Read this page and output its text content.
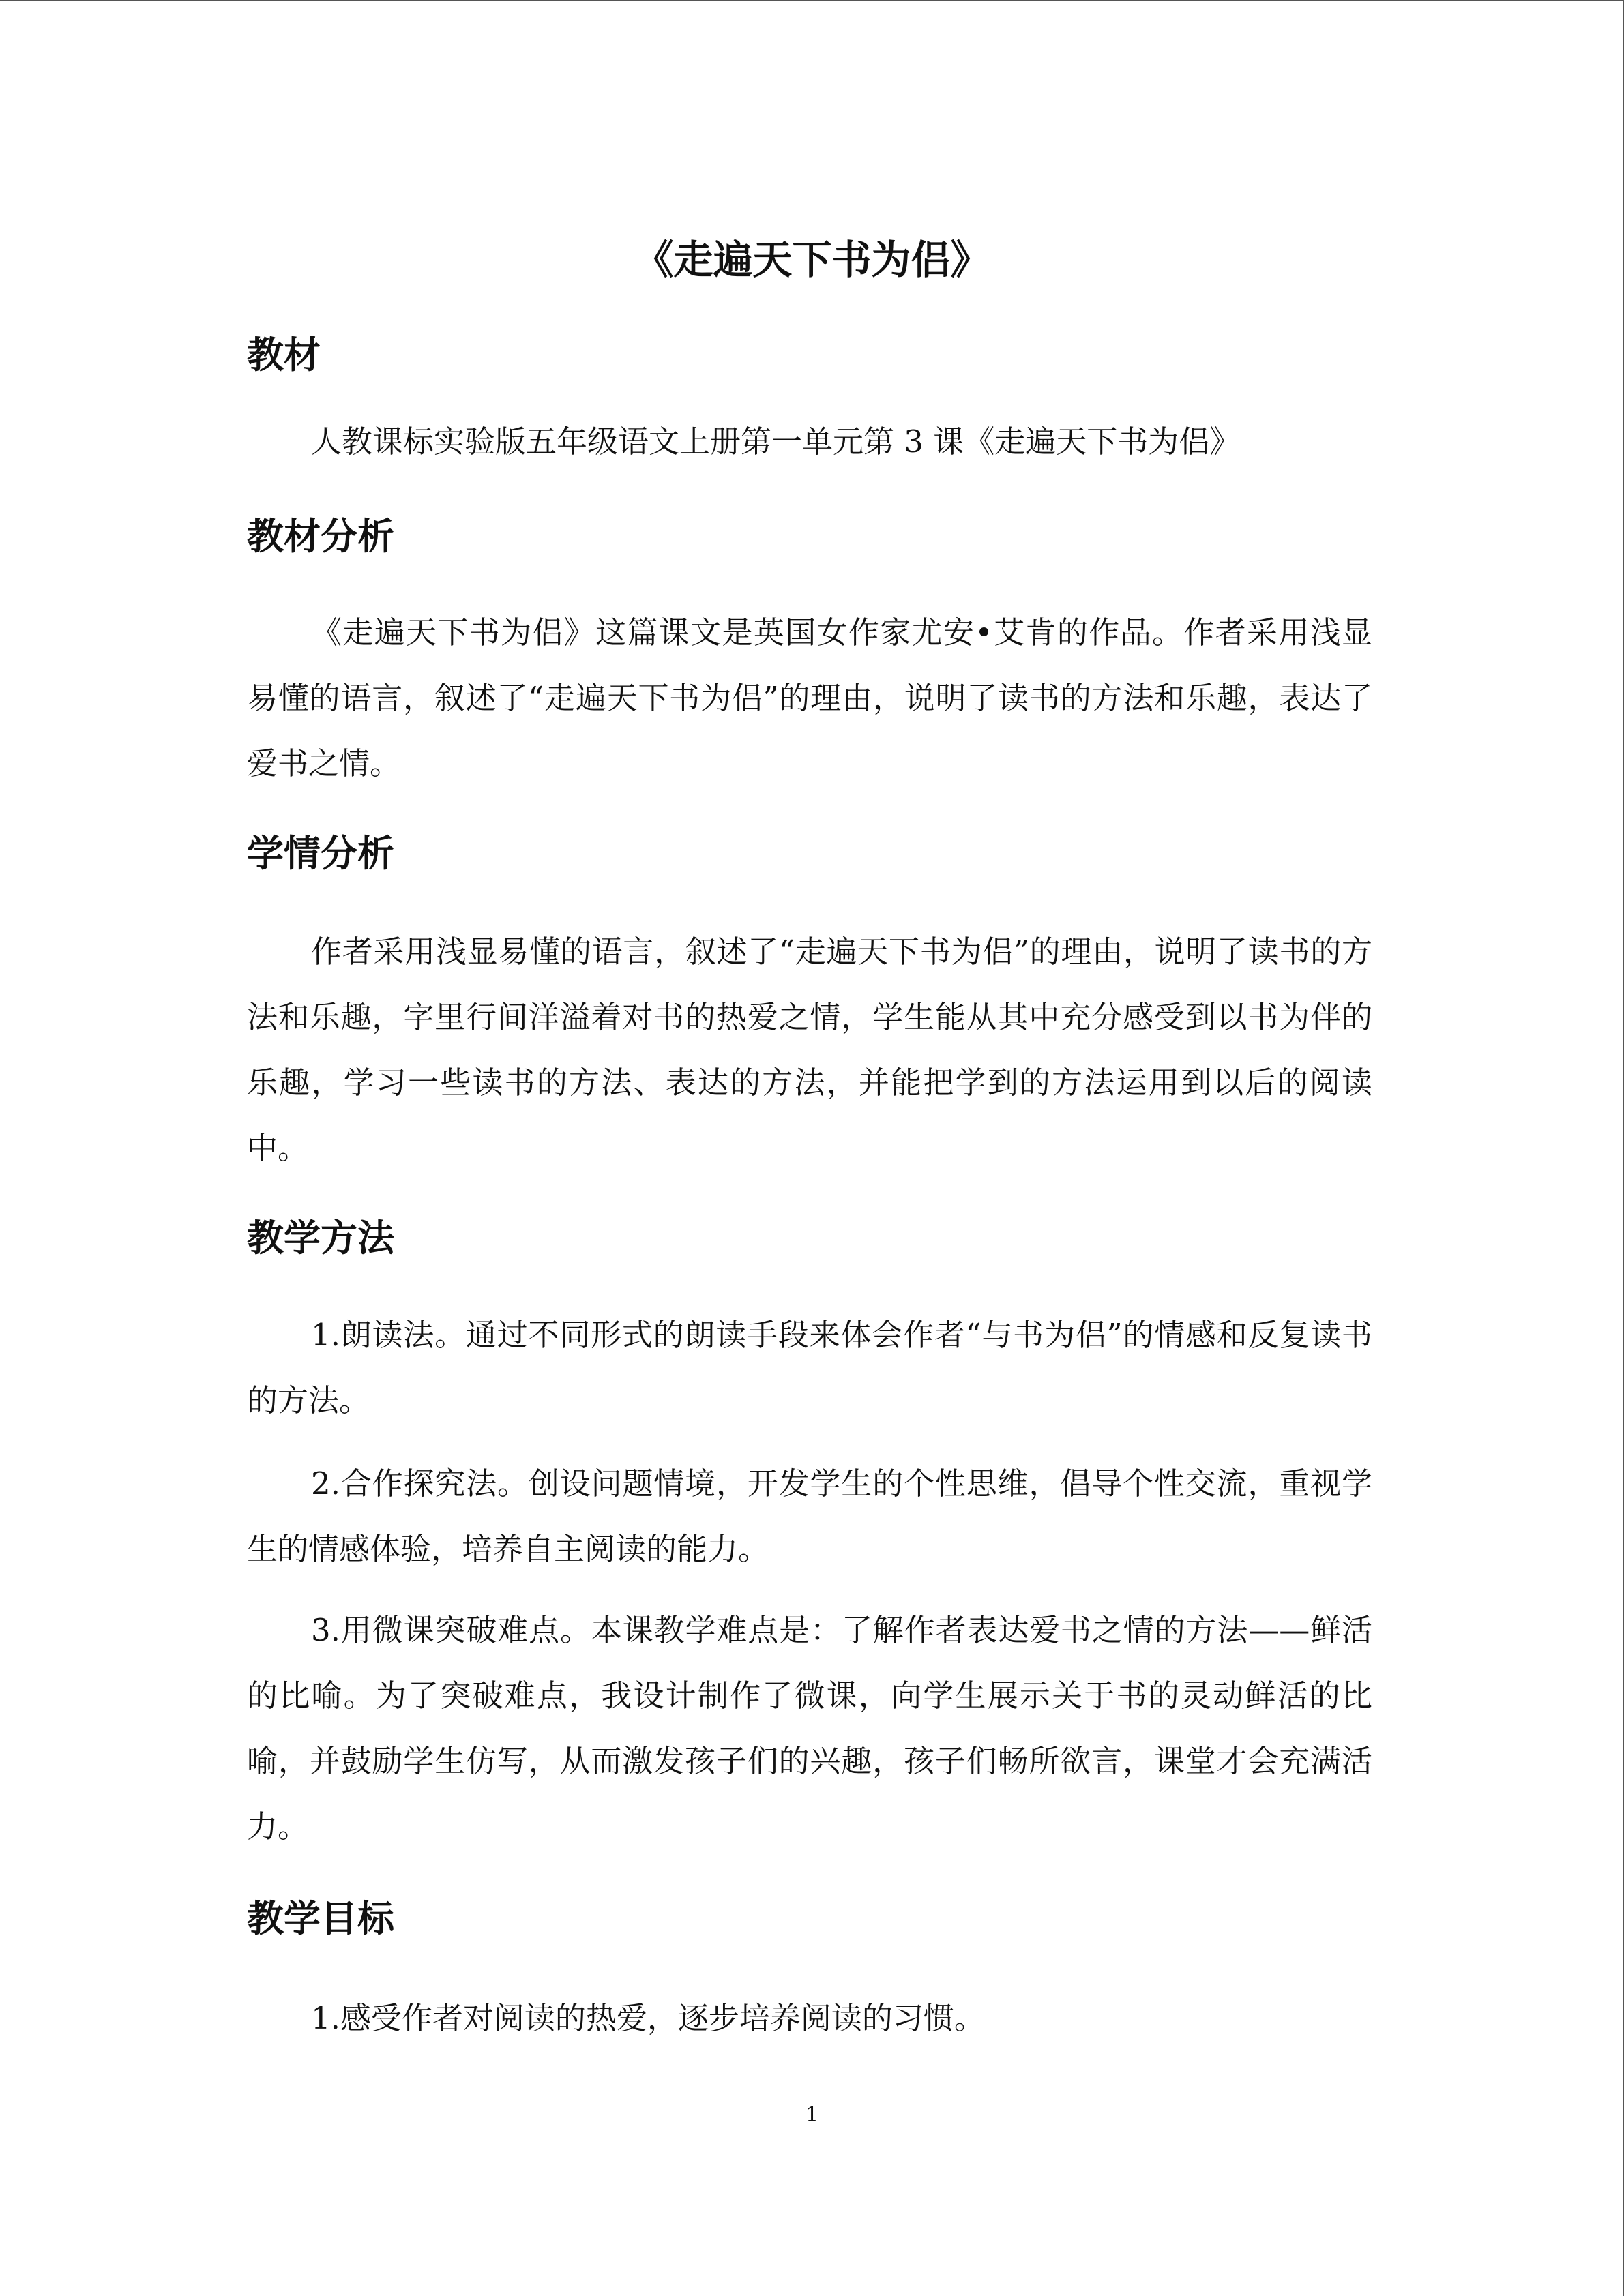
《走遍天下书为侣》
教材

人教课标实验版五年级语文上册第一单元第 3 课《走遍天下书为侣》

教材分析

《走遍天下书为侣》这篇课文是英国女作家尤安•艾肯的作品。作者采用浅显易懂的语言，叙述了“走遍天下书为侣”的理由，说明了读书的方法和乐趣，表达了爱书之情。

学情分析

作者采用浅显易懂的语言，叙述了“走遍天下书为侣”的理由，说明了读书的方法和乐趣，字里行间洋溢着对书的热爱之情，学生能从其中充分感受到以书为伴的乐趣，学习一些读书的方法、表达的方法，并能把学到的方法运用到以后的阅读中。

教学方法

1.朗读法。通过不同形式的朗读手段来体会作者“与书为侣”的情感和反复读书的方法。

2.合作探究法。创设问题情境，开发学生的个性思维，倡导个性交流，重视学生的情感体验，培养自主阅读的能力。

3.用微课突破难点。本课教学难点是：了解作者表达爱书之情的方法——鲜活的比喻。为了突破难点，我设计制作了微课，向学生展示关于书的灵动鲜活的比喻，并鼓励学生仿写，从而激发孩子们的兴趣，孩子们畅所欲言，课堂才会充满活力。

教学目标

1.感受作者对阅读的热爱，逐步培养阅读的习惯。

1
